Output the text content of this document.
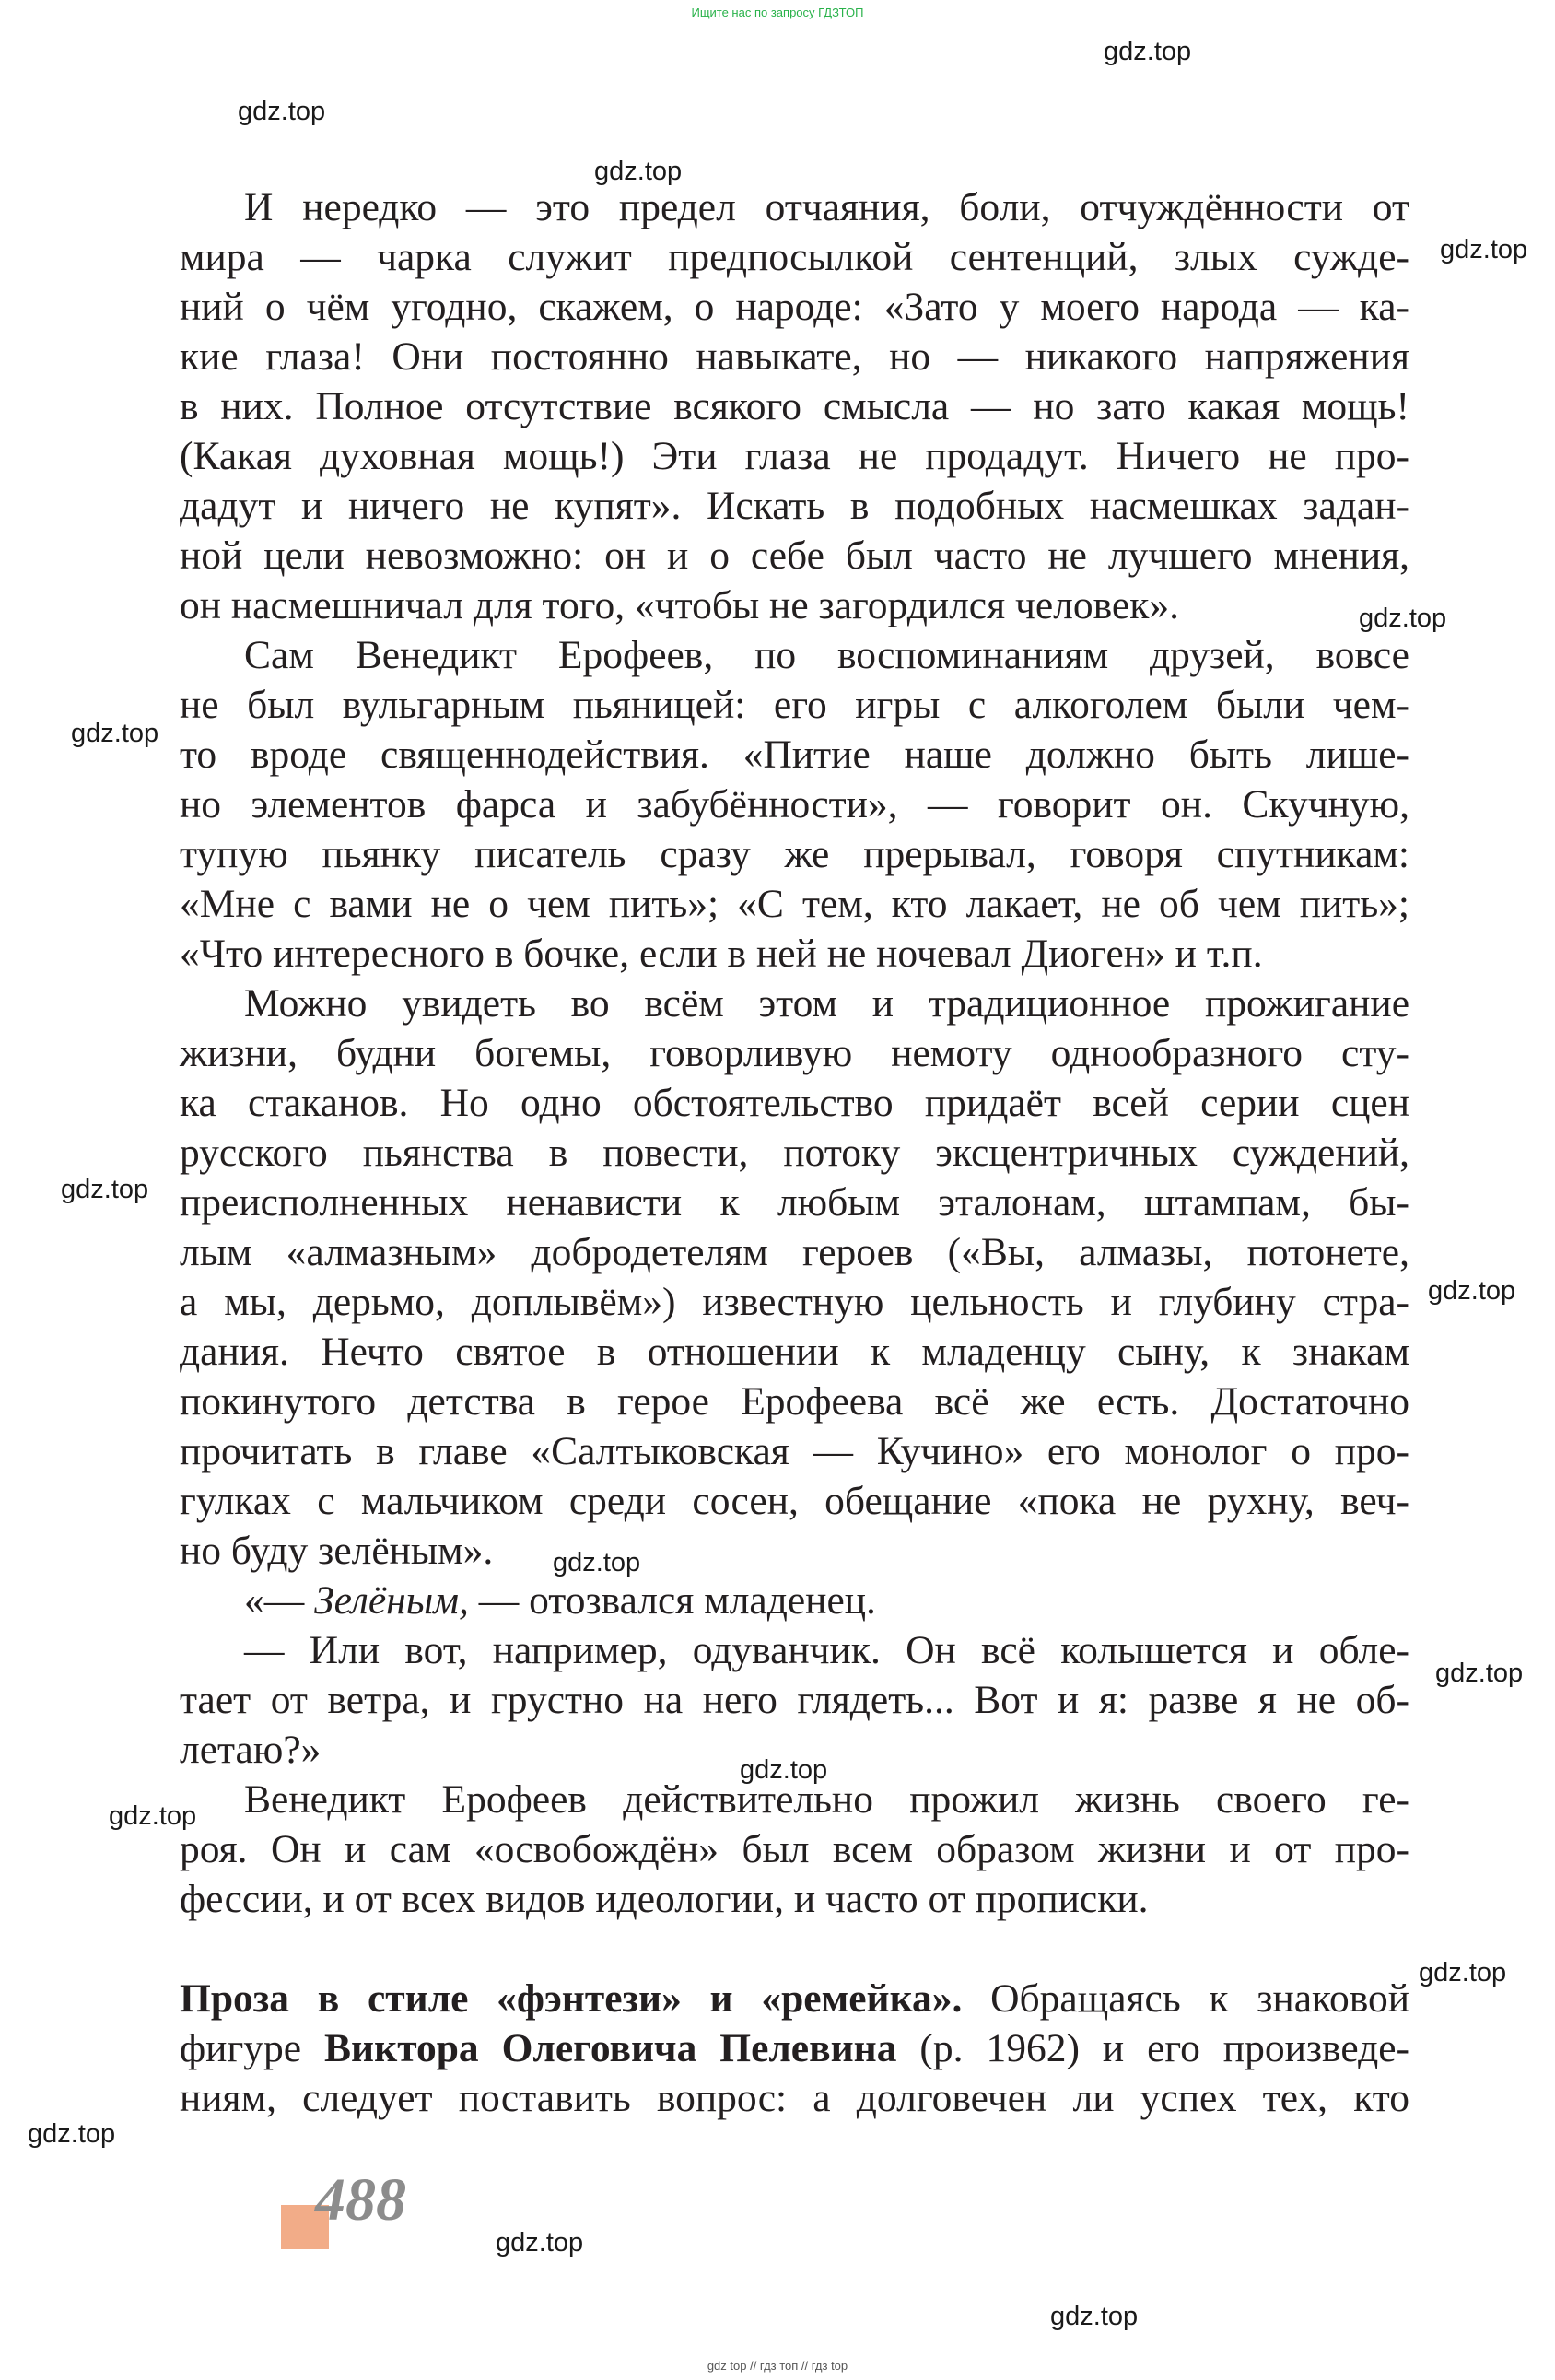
Ищите нас по запросу ГДЗТОП
gdz.top
gdz.top
gdz.top
gdz.top
gdz.top
gdz.top
gdz.top
gdz.top
gdz.top
gdz.top
gdz.top
gdz.top
gdz.top
gdz.top
gdz.top
gdz.top
И нередко — это предел отчаяния, боли, отчуждённости от
мира — чарка служит предпосылкой сентенций, злых сужде-
ний о чём угодно, скажем, о народе: «Зато у моего народа — ка-
кие глаза! Они постоянно навыкате, но — никакого напряжения
в них. Полное отсутствие всякого смысла — но зато какая мощь!
(Какая духовная мощь!) Эти глаза не продадут. Ничего не про-
дадут и ничего не купят». Искать в подобных насмешках задан-
ной цели невозможно: он и о себе был часто не лучшего мнения,
он насмешничал для того, «чтобы не загордился человек».
Сам Венедикт Ерофеев, по воспоминаниям друзей, вовсе
не был вульгарным пьяницей: его игры с алкоголем были чем-
то вроде священнодействия. «Питие наше должно быть лише-
но элементов фарса и забубённости», — говорит он. Скучную,
тупую пьянку писатель сразу же прерывал, говоря спутникам:
«Мне с вами не о чем пить»; «С тем, кто лакает, не об чем пить»;
«Что интересного в бочке, если в ней не ночевал Диоген» и т.п.
Можно увидеть во всём этом и традиционное прожигание
жизни, будни богемы, говорливую немоту однообразного сту-
ка стаканов. Но одно обстоятельство придаёт всей серии сцен
русского пьянства в повести, потоку эксцентричных суждений,
преисполненных ненависти к любым эталонам, штампам, бы-
лым «алмазным» добродетелям героев («Вы, алмазы, потонете,
а мы, дерьмо, доплывём») известную цельность и глубину стра-
дания. Нечто святое в отношении к младенцу сыну, к знакам
покинутого детства в герое Ерофеева всё же есть. Достаточно
прочитать в главе «Салтыковская — Кучино» его монолог о про-
гулках с мальчиком среди сосен, обещание «пока не рухну, веч-
но буду зелёным».
«— Зелёным, — отозвался младенец.
— Или вот, например, одуванчик. Он всё колышется и обле-
тает от ветра, и грустно на него глядеть... Вот и я: разве я не об-
летаю?»
Венедикт Ерофеев действительно прожил жизнь своего ге-
роя. Он и сам «освобождён» был всем образом жизни и от про-
фессии, и от всех видов идеологии, и часто от прописки.
Проза в стиле «фэнтези» и «ремейка». Обращаясь к знаковой
фигуре Виктора Олеговича Пелевина (р. 1962) и его произведе-
ниям, следует поставить вопрос: а долговечен ли успех тех, кто
488
gdz top // гдз топ // гдз top
